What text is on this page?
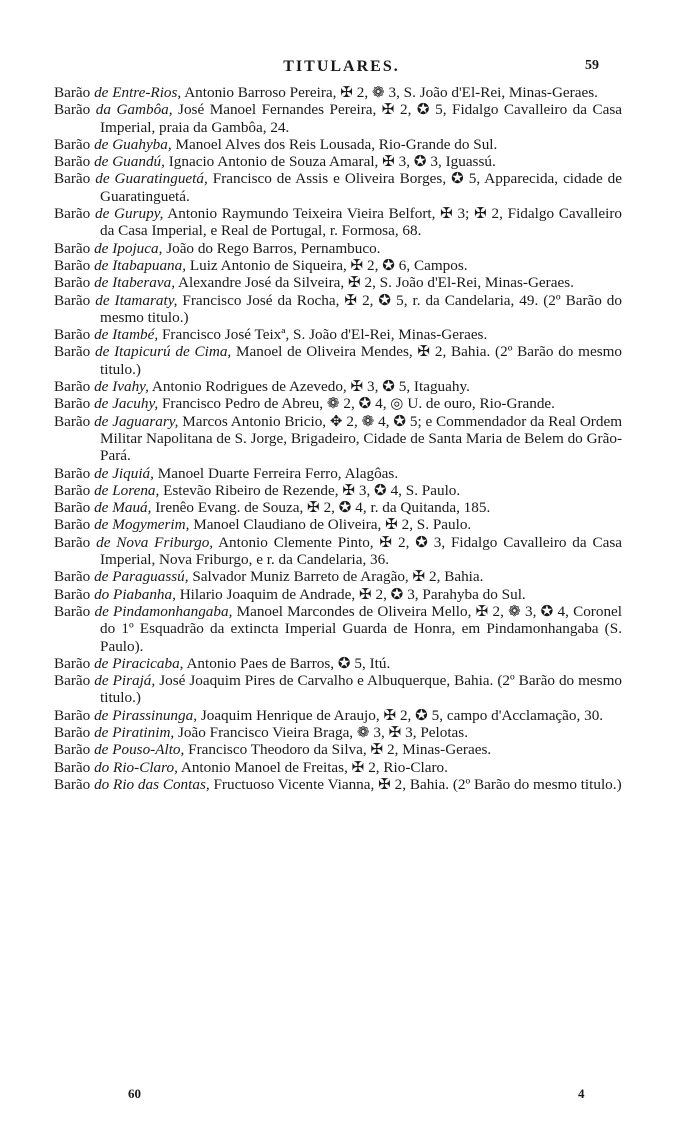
TITULARES.	59

Barão de Entre-Rios, Antonio Barroso Pereira, ✠ 2, ❁ 3, S. João d'El-Rei, Minas-Geraes.

Barão da Gambôa, José Manoel Fernandes Pereira, ✠ 2, ✪ 5, Fidalgo Cavalleiro da Casa Imperial, praia da Gambôa, 24.

Barão de Guahyba, Manoel Alves dos Reis Lousada, Rio-Grande do Sul.

Barão de Guandú, Ignacio Antonio de Souza Amaral, ✠ 3, ✪ 3, Iguassú.

Barão de Guaratinguetá, Francisco de Assis e Oliveira Borges, ✪ 5, Apparecida, cidade de Guaratinguetá.

Barão de Gurupy, Antonio Raymundo Teixeira Vieira Belfort, ✠ 3; ✠ 2, Fidalgo Cavalleiro da Casa Imperial, e Real de Portugal, r. Formosa, 68.

Barão de Ipojuca, João do Rego Barros, Pernambuco.

Barão de Itabapuana, Luiz Antonio de Siqueira, ✠ 2, ✪ 6, Campos.

Barão de Itaberava, Alexandre José da Silveira, ✠ 2, S. João d'El-Rei, Minas-Geraes.

Barão de Itamaraty, Francisco José da Rocha, ✠ 2, ✪ 5, r. da Candelaria, 49. (2º Barão do mesmo titulo.)

Barão de Itambé, Francisco José Teixª, S. João d'El-Rei, Minas-Geraes.

Barão de Itapicurú de Cima, Manoel de Oliveira Mendes, ✠ 2, Bahia. (2º Barão do mesmo titulo.)

Barão de Ivahy, Antonio Rodrigues de Azevedo, ✠ 3, ✪ 5, Itaguahy.

Barão de Jacuhy, Francisco Pedro de Abreu, ❁ 2, ✪ 4, ◎ U. de ouro, Rio-Grande.

Barão de Jaguarary, Marcos Antonio Bricio, ✥ 2, ❁ 4, ✪ 5; e Commendador da Real Ordem Militar Napolitana de S. Jorge, Brigadeiro, Cidade de Santa Maria de Belem do Grão-Pará.

Barão de Jiquiá, Manoel Duarte Ferreira Ferro, Alagôas.

Barão de Lorena, Estevão Ribeiro de Rezende, ✠ 3, ✪ 4, S. Paulo.

Barão de Mauá, Irenêo Evang. de Souza, ✠ 2, ✪ 4, r. da Quitanda, 185.

Barão de Mogymerim, Manoel Claudiano de Oliveira, ✠ 2, S. Paulo.

Barão de Nova Friburgo, Antonio Clemente Pinto, ✠ 2, ✪ 3, Fidalgo Cavalleiro da Casa Imperial, Nova Friburgo, e r. da Candelaria, 36.

Barão de Paraguassú, Salvador Muniz Barreto de Aragão, ✠ 2, Bahia.

Barão do Piabanha, Hilario Joaquim de Andrade, ✠ 2, ✪ 3, Parahyba do Sul.

Barão de Pindamonhangaba, Manoel Marcondes de Oliveira Mello, ✠ 2, ❁ 3, ✪ 4, Coronel do 1º Esquadrão da extincta Imperial Guarda de Honra, em Pindamonhangaba (S. Paulo).

Barão de Piracicaba, Antonio Paes de Barros, ✪ 5, Itú.

Barão de Pirajá, José Joaquim Pires de Carvalho e Albuquerque, Bahia. (2º Barão do mesmo titulo.)

Barão de Pirassinunga, Joaquim Henrique de Araujo, ✠ 2, ✪ 5, campo d'Acclamação, 30.

Barão de Piratinim, João Francisco Vieira Braga, ❁ 3, ✠ 3, Pelotas.

Barão de Pouso-Alto, Francisco Theodoro da Silva, ✠ 2, Minas-Geraes.

Barão do Rio-Claro, Antonio Manoel de Freitas, ✠ 2, Rio-Claro.

Barão do Rio das Contas, Fructuoso Vicente Vianna, ✠ 2, Bahia. (2º Barão do mesmo titulo.)

60	4
